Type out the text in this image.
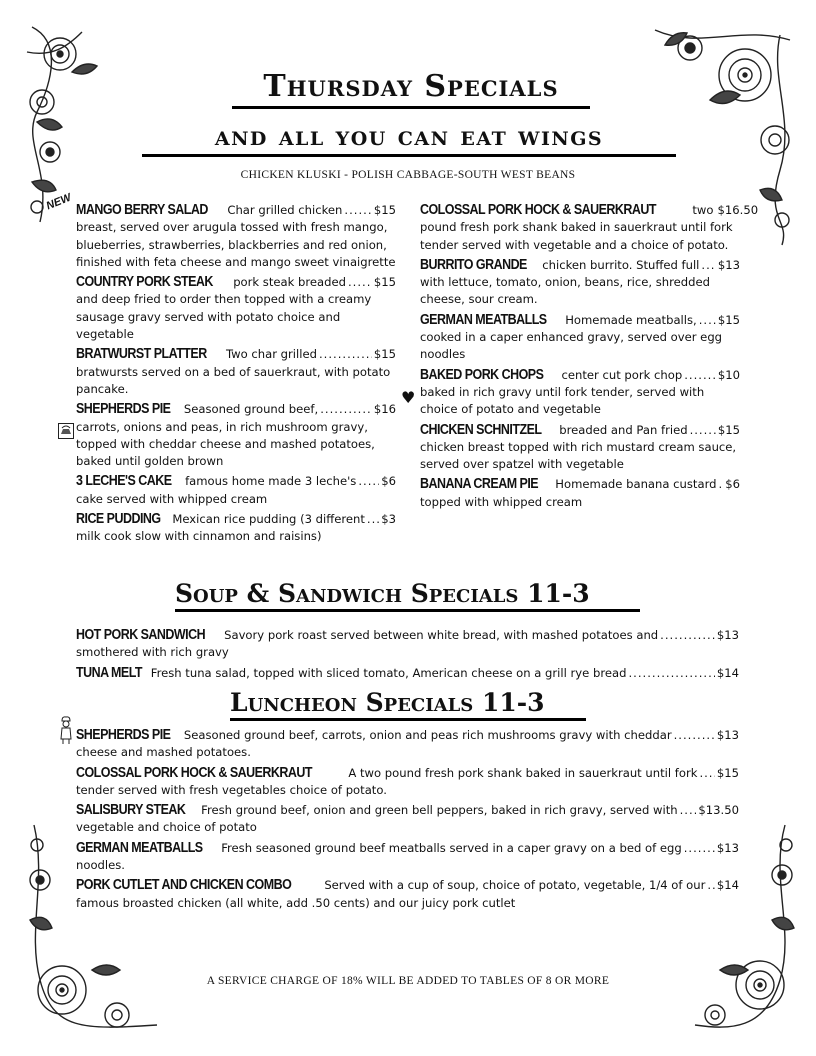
Thursday Specials
and all you can eat wings
CHICKEN KLUSKI - POLISH CABBAGE-SOUTH WEST BEANS
NEW
♥
MANGO BERRY SALAD Char grilled chicken .....	$15
breast, served over arugula tossed with fresh mango, blueberries, strawberries, blackberries and red onion, finished with feta cheese and mango sweet vinaigrette
COUNTRY PORK STEAK pork steak breaded ..... $15
and deep fried to order then topped with a creamy sausage gravy served with potato choice and vegetable
BRATWURST PLATTER Two char grilled .....	$15
bratwursts served on a bed of sauerkraut, with potato pancake.
SHEPHERDS PIE Seasoned ground beef, .....	$16
carrots, onions and peas, in rich mushroom gravy, topped with cheddar cheese and mashed potatoes, baked until golden brown
3 LECHE'S CAKE famous home made 3 leche's ..... $6
cake served with whipped cream
RICE PUDDING Mexican rice pudding (3 different ..... $3
milk cook slow with cinnamon and raisins)
COLOSSAL PORK HOCK & SAUERKRAUT	two $16.50
pound fresh pork shank baked in sauerkraut until fork tender served with vegetable and a choice of potato.
BURRITO GRANDE chicken burrito. Stuffed full ..... $13
with lettuce, tomato, onion, beans, rice, shredded cheese, sour cream.
GERMAN MEATBALLS Homemade meatballs, ..... $15
cooked in a caper enhanced gravy, served over egg noodles
BAKED PORK CHOPS center cut pork chop .....	$10
baked in rich gravy until fork tender, served with choice of potato and vegetable
CHICKEN SCHNITZEL breaded and Pan fried .....	$15
chicken breast topped with rich mustard cream sauce, served over spatzel with vegetable
BANANA CREAM PIE Homemade banana custard ..... $6
topped with whipped cream
Soup & Sandwich Specials 11-3
HOT PORK SANDWICH Savory pork roast served between white bread, with mashed potatoes and .....	$13
smothered with rich gravy
TUNA MELT Fresh tuna salad, topped with sliced tomato, American cheese on a grill rye bread .....	$14
Luncheon Specials 11-3
SHEPHERDS PIE Seasoned ground beef, carrots, onion and peas rich mushrooms gravy with cheddar .....	$13
cheese and mashed potatoes.
COLOSSAL PORK HOCK & SAUERKRAUT	A two pound fresh pork shank baked in sauerkraut until fork ..... $15
tender served with fresh vegetables choice of potato.
SALISBURY STEAK Fresh ground beef, onion and green bell peppers, baked in rich gravy, served with ..... $13.50
vegetable and choice of potato
GERMAN MEATBALLS Fresh seasoned ground beef meatballs served in a caper gravy on a bed of egg .....	$13
noodles.
PORK CUTLET AND CHICKEN COMBO	Served with a cup of soup, choice of potato, vegetable, 1/4 of our ..... $14
famous broasted chicken (all white, add .50 cents) and our juicy pork cutlet
A SERVICE CHARGE OF 18% WILL BE ADDED TO TABLES OF 8 OR MORE
